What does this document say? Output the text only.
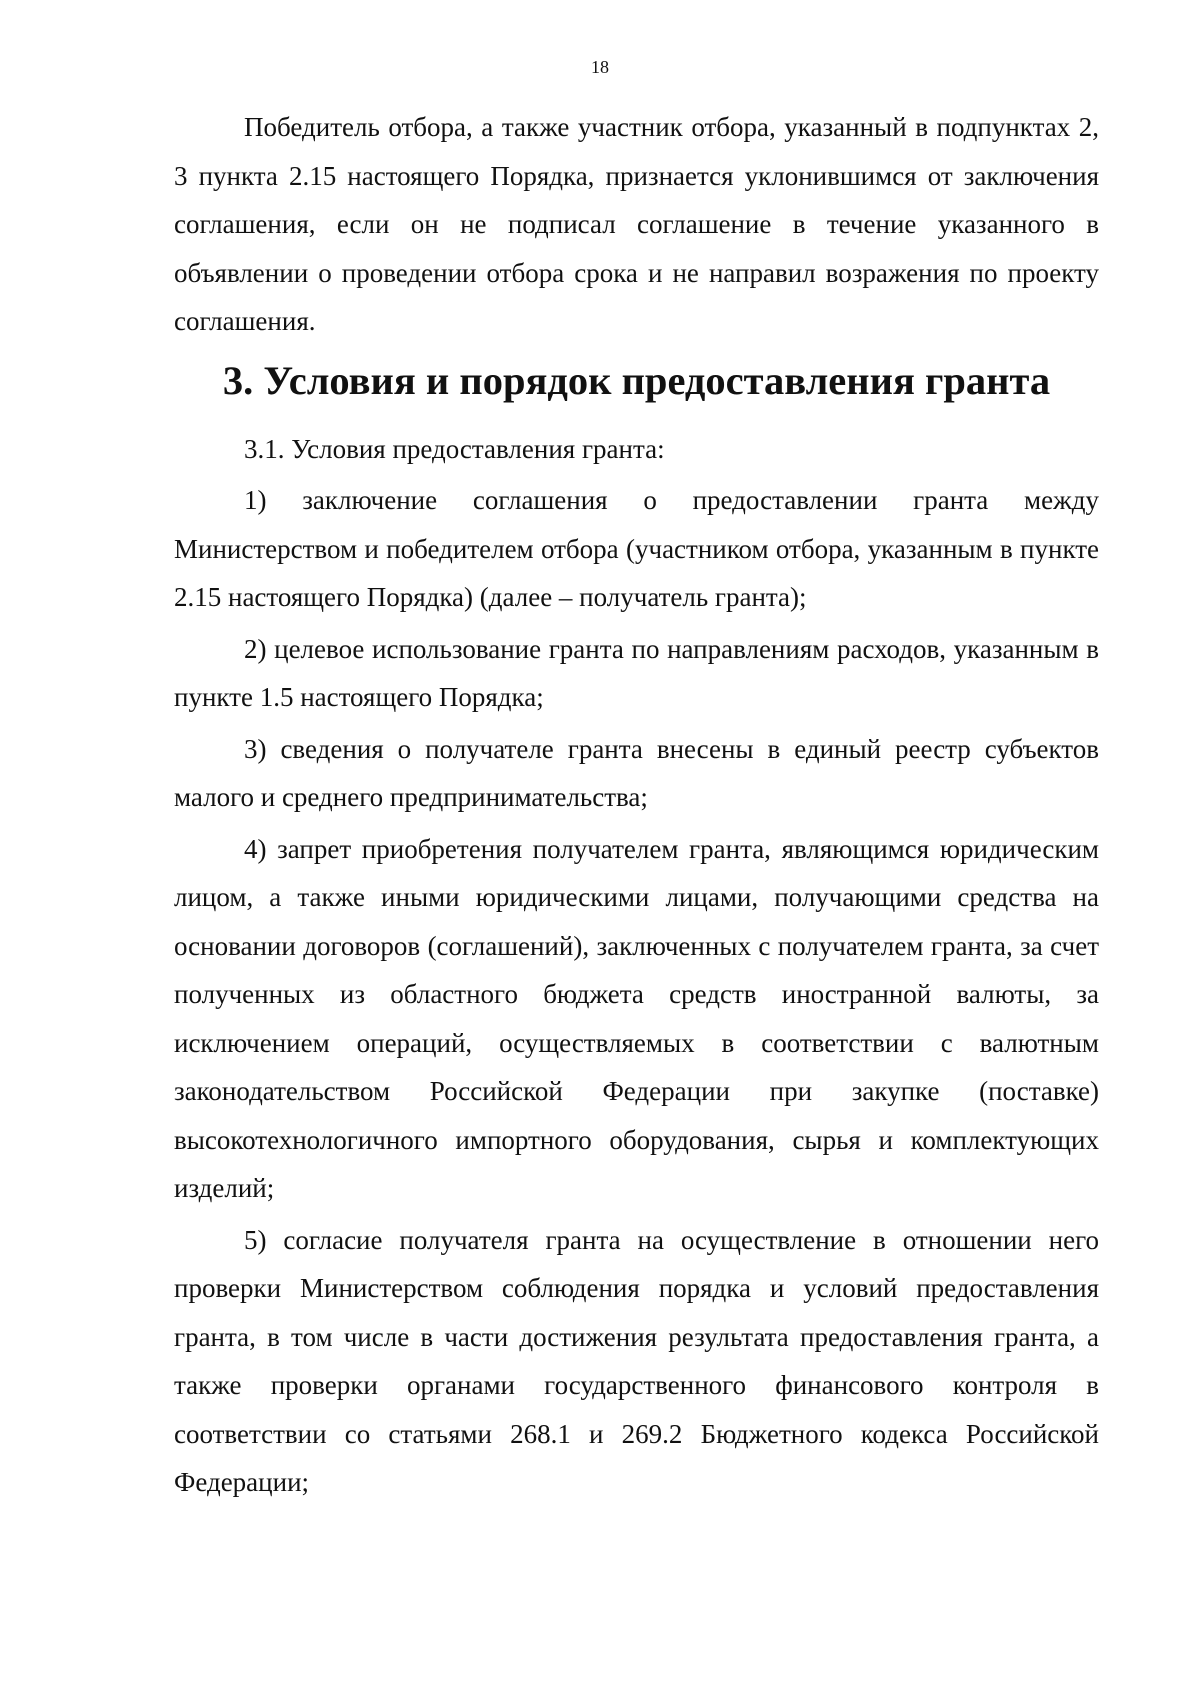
18

Победитель отбора, а также участник отбора, указанный в подпунктах 2, 3 пункта 2.15 настоящего Порядка, признается уклонившимся от заключения соглашения, если он не подписал соглашение в течение указанного в объявлении о проведении отбора срока и не направил возражения по проекту соглашения.

3. Условия и порядок предоставления гранта

3.1. Условия предоставления гранта:

1) заключение соглашения о предоставлении гранта между Министерством и победителем отбора (участником отбора, указанным в пункте 2.15 настоящего Порядка) (далее – получатель гранта);

2) целевое использование гранта по направлениям расходов, указанным в пункте 1.5 настоящего Порядка;

3) сведения о получателе гранта внесены в единый реестр субъектов малого и среднего предпринимательства;

4) запрет приобретения получателем гранта, являющимся юридическим лицом, а также иными юридическими лицами, получающими средства на основании договоров (соглашений), заключенных с получателем гранта, за счет полученных из областного бюджета средств иностранной валюты, за исключением операций, осуществляемых в соответствии с валютным законодательством Российской Федерации при закупке (поставке) высокотехнологичного импортного оборудования, сырья и комплектующих изделий;

5) согласие получателя гранта на осуществление в отношении него проверки Министерством соблюдения порядка и условий предоставления гранта, в том числе в части достижения результата предоставления гранта, а также проверки органами государственного финансового контроля в соответствии со статьями 268.1 и 269.2 Бюджетного кодекса Российской Федерации;
